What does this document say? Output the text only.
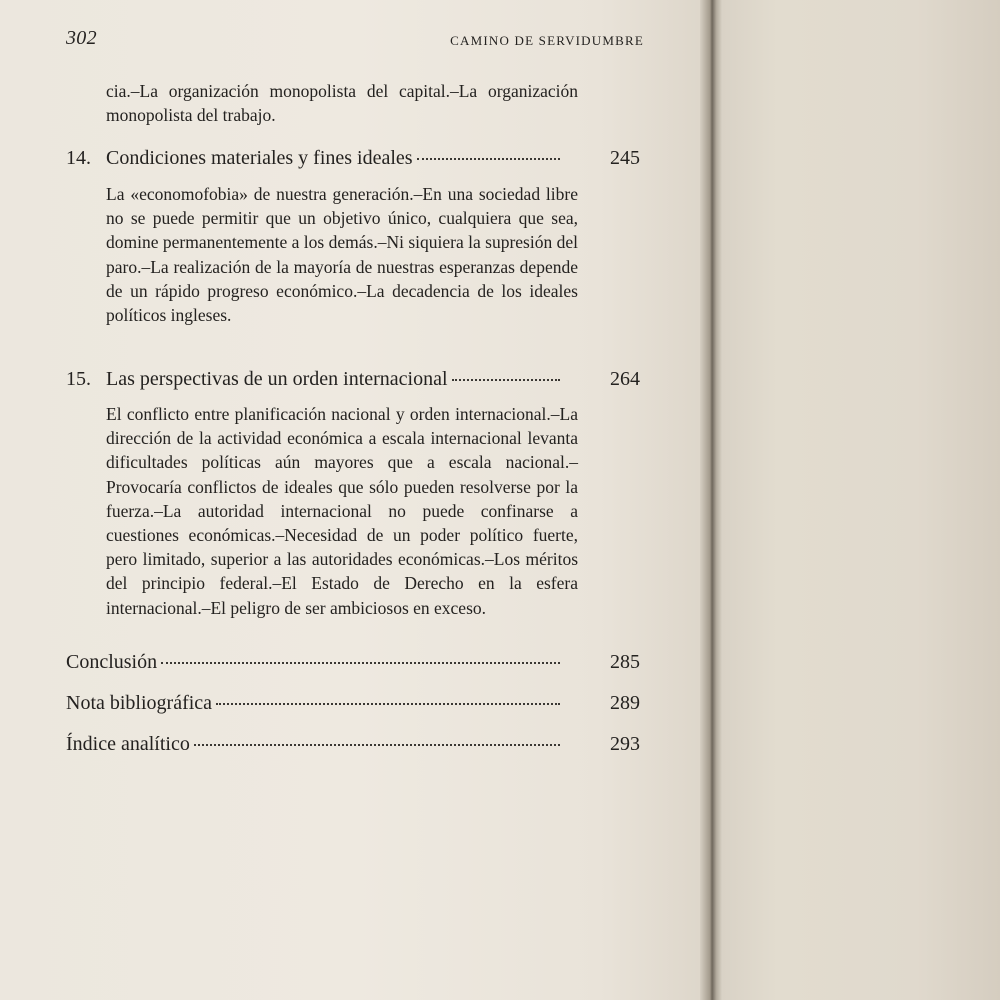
302	CAMINO DE SERVIDUMBRE
cia.–La organización monopolista del capital.–La organización monopolista del trabajo.
14. Condiciones materiales y fines ideales	245
La «economofobia» de nuestra generación.–En una sociedad libre no se puede permitir que un objetivo único, cualquiera que sea, domine permanentemente a los demás.–Ni siquiera la supresión del paro.–La realización de la mayoría de nuestras esperanzas depende de un rápido progreso económico.–La decadencia de los ideales políticos ingleses.
15. Las perspectivas de un orden internacional	264
El conflicto entre planificación nacional y orden internacional.–La dirección de la actividad económica a escala internacional levanta dificultades políticas aún mayores que a escala nacional.–Provocaría conflictos de ideales que sólo pueden resolverse por la fuerza.–La autoridad internacional no puede confinarse a cuestiones económicas.–Necesidad de un poder político fuerte, pero limitado, superior a las autoridades económicas.–Los méritos del principio federal.–El Estado de Derecho en la esfera internacional.–El peligro de ser ambiciosos en exceso.
Conclusión	285
Nota bibliográfica	289
Índice analítico	293
